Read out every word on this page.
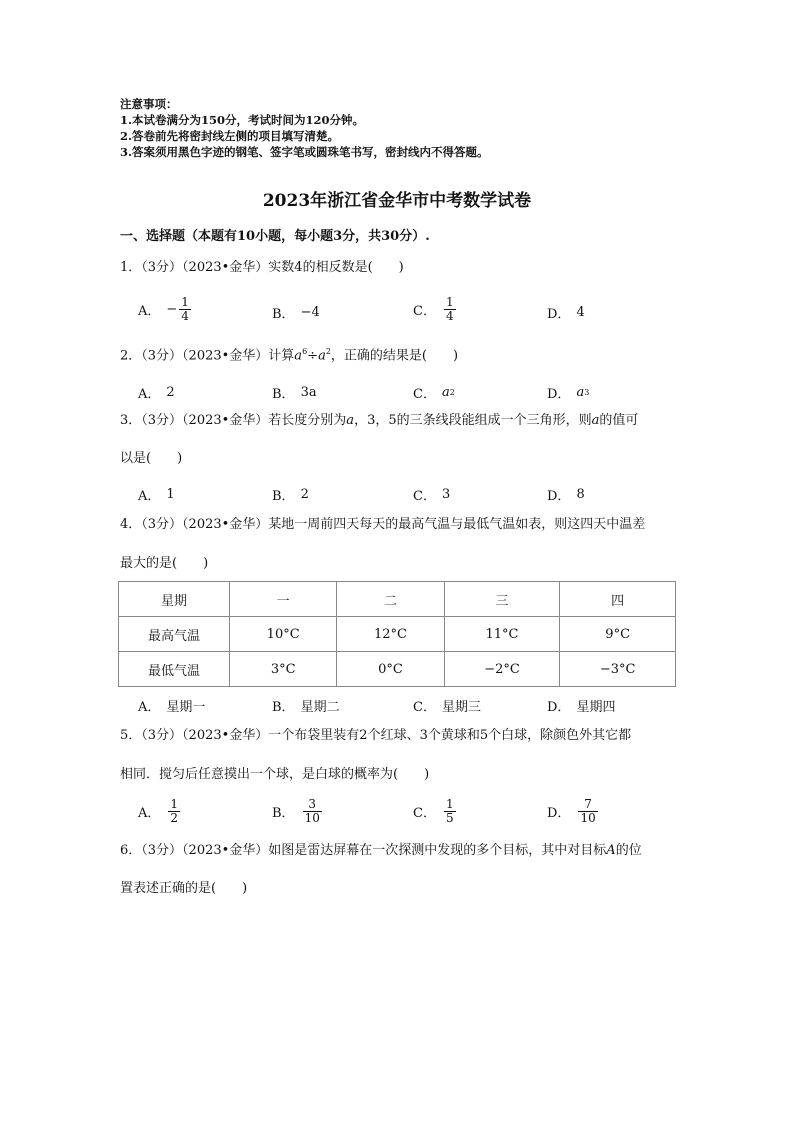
注意事项：
1.本试卷满分为150分，考试时间为120分钟。
2.答卷前先将密封线左侧的项目填写清楚。
3.答案须用黑色字迹的钢笔、签字笔或圆珠笔书写，密封线内不得答题。
2023年浙江省金华市中考数学试卷
一、选择题（本题有10小题，每小题3分，共30分）.
1．（3分）（2023•金华）实数4的相反数是(　　)
A． − $\frac{1}{4}$	B． −4	C． $\frac{1}{4}$	D． 4
2．（3分）（2023•金华）计算$a^6\div a^2$，正确的结果是(　　)
A． 2	B． 3a	C． a 2	D． a 3
3．（3分）（2023•金华）若长度分别为a，3，5的三条线段能组成一个三角形，则a的值可
以是(　　)
A． 1	B． 2	C． 3	D． 8
4．（3分）（2023•金华）某地一周前四天每天的最高气温与最低气温如表，则这四天中温差
最大的是(　　)
星期	一	二	三	四
最高气温	10°C	12°C	11°C	9°C
最低气温	3°C	0°C	−2°C	−3°C
A． 星期一	B． 星期二	C． 星期三	D． 星期四
5．（3分）（2023•金华）一个布袋里装有2个红球、3个黄球和5个白球，除颜色外其它都
相同．搅匀后任意摸出一个球，是白球的概率为(　　)
A． $\frac{1}{2}$	B． $\frac{3}{10}$	C． $\frac{1}{5}$	D． $\frac{7}{10}$
6．（3分）（2023•金华）如图是雷达屏幕在一次探测中发现的多个目标，其中对目标A的位
置表述正确的是(　　)
